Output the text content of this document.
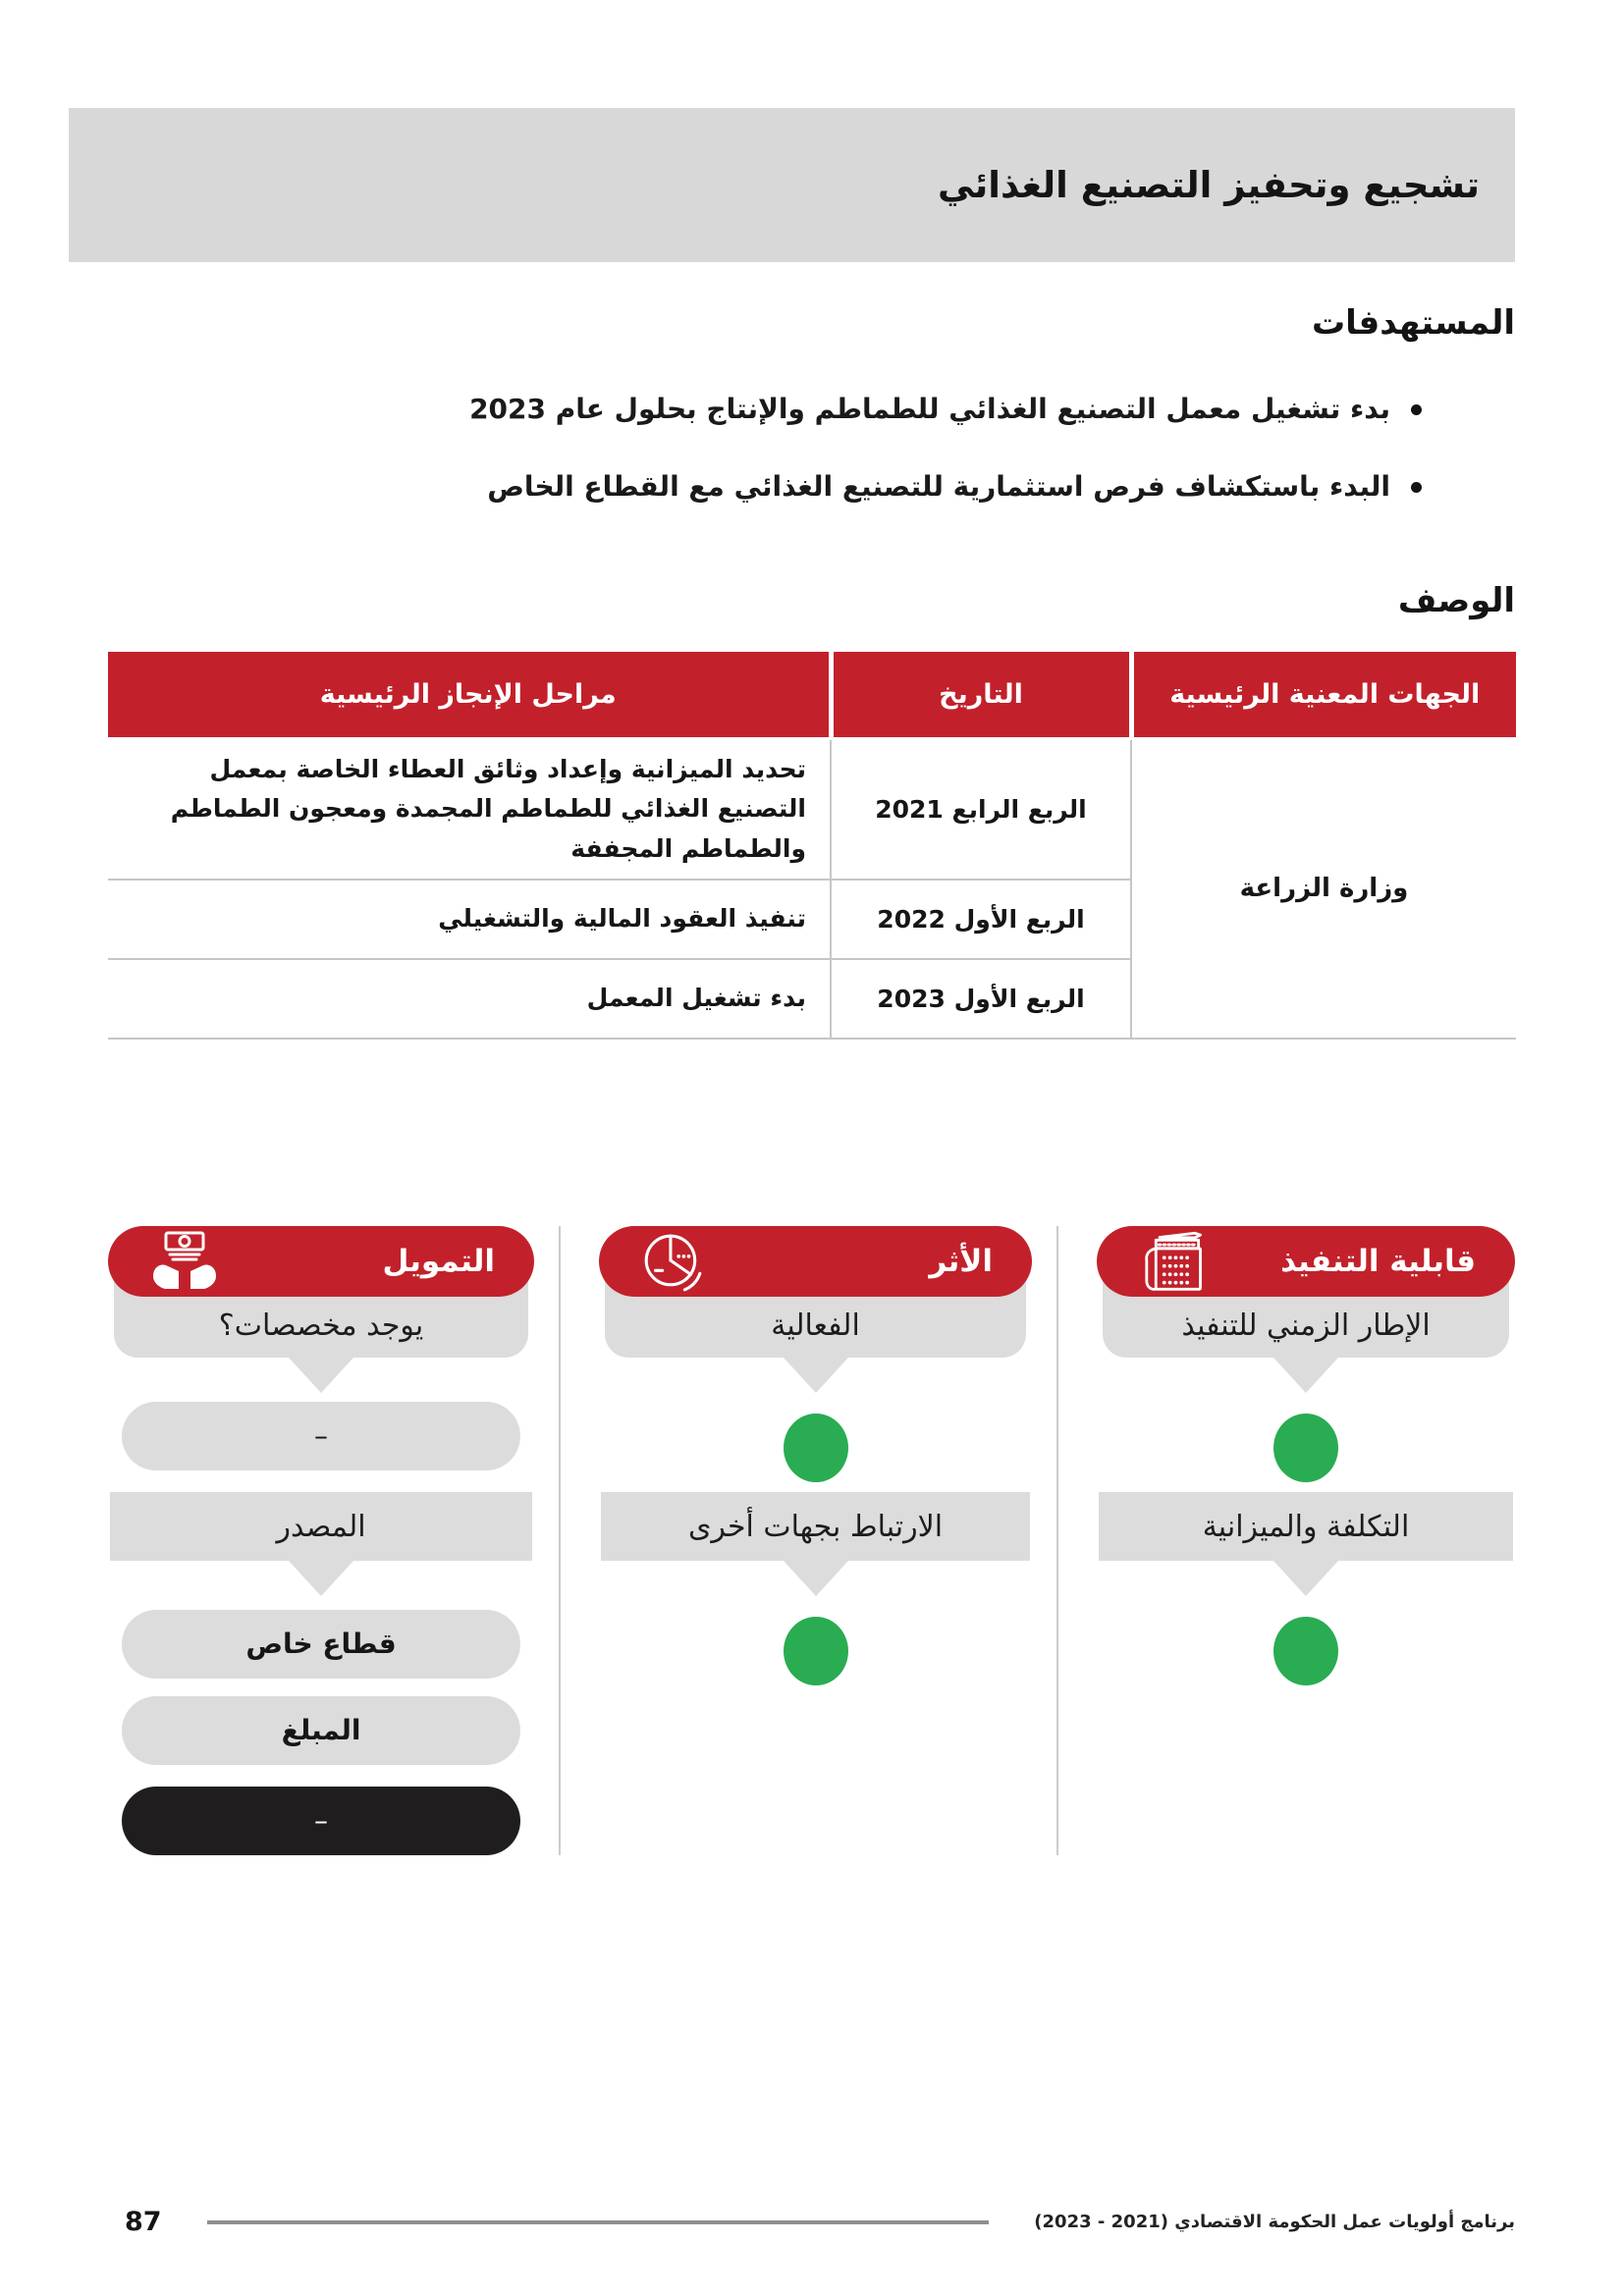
تشجيع وتحفيز التصنيع الغذائي
المستهدفات
بدء تشغيل معمل التصنيع الغذائي للطماطم والإنتاج بحلول عام 2023
البدء باستكشاف فرص استثمارية للتصنيع الغذائي مع القطاع الخاص
الوصف
الجهات المعنية الرئيسية	التاريخ	مراحل الإنجاز الرئيسية
وزارة الزراعة	الربع الرابع 2021	تحديد الميزانية وإعداد وثائق العطاء الخاصة بمعمل التصنيع الغذائي للطماطم المجمدة ومعجون الطماطم والطماطم المجففة
	الربع الأول 2022	تنفيذ العقود المالية والتشغيلي
	الربع الأول 2023	بدء تشغيل المعمل
قابلية التنفيذ
الإطار الزمني للتنفيذ
التكلفة والميزانية
الأثر
الفعالية
الارتباط بجهات أخرى
التمويل
يوجد مخصصات؟
–
المصدر
قطاع خاص
المبلغ
–
برنامج أولويات عمل الحكومة الاقتصادي (2021 - 2023)
87
